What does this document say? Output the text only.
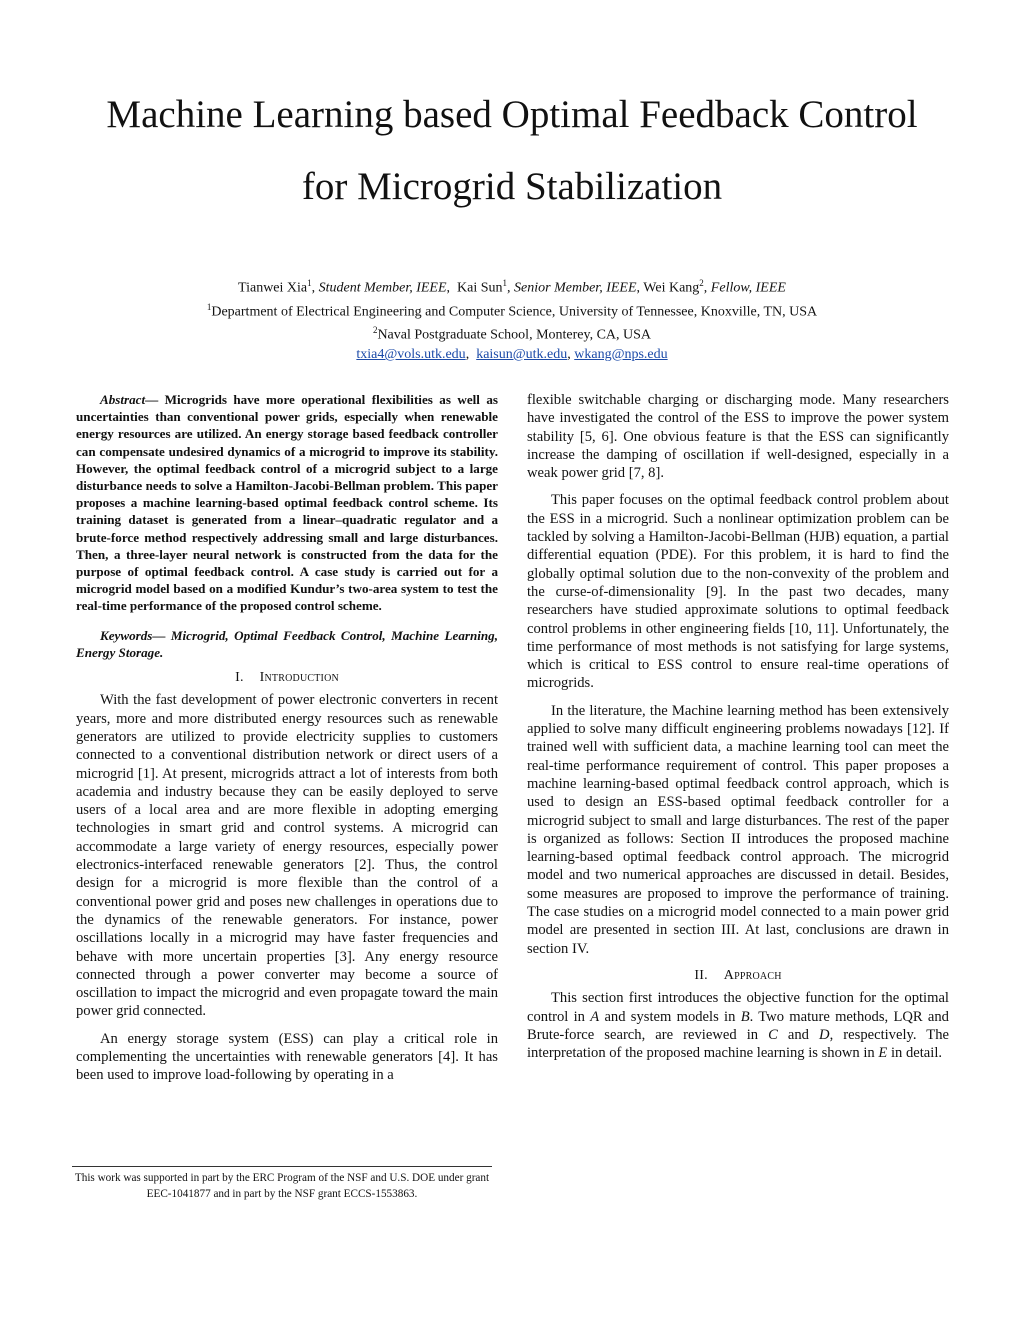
Machine Learning based Optimal Feedback Control
for Microgrid Stabilization
Tianwei Xia$^1$, Student Member, IEEE,  Kai Sun$^1$, Senior Member, IEEE, Wei Kang$^2$, Fellow, IEEE
$^1$Department of Electrical Engineering and Computer Science, University of Tennessee, Knoxville, TN, USA
$^2$Naval Postgraduate School, Monterey, CA, USA
txia4@vols.utk.edu,  kaisun@utk.edu, wkang@nps.edu

Abstract— Microgrids have more operational flexibilities as well as uncertainties than conventional power grids, especially when renewable energy resources are utilized. An energy storage based feedback controller can compensate undesired dynamics of a microgrid to improve its stability. However, the optimal feedback control of a microgrid subject to a large disturbance needs to solve a Hamilton-Jacobi-Bellman problem. This paper proposes a machine learning-based optimal feedback control scheme. Its training dataset is generated from a linear–quadratic regulator and a brute-force method respectively addressing small and large disturbances. Then, a three-layer neural network is constructed from the data for the purpose of optimal feedback control. A case study is carried out for a microgrid model based on a modified Kundur’s two-area system to test the real-time performance of the proposed control scheme.

Keywords— Microgrid, Optimal Feedback Control, Machine Learning, Energy Storage.

I. Introduction

With the fast development of power electronic converters in recent years, more and more distributed energy resources such as renewable generators are utilized to provide electricity supplies to customers connected to a conventional distribution network or direct users of a microgrid [1]. At present, microgrids attract a lot of interests from both academia and industry because they can be easily deployed to serve users of a local area and are more flexible in adopting emerging technologies in smart grid and control systems. A microgrid can accommodate a large variety of energy resources, especially power electronics-interfaced renewable generators [2]. Thus, the control design for a microgrid is more flexible than the control of a conventional power grid and poses new challenges in operations due to the dynamics of the renewable generators. For instance, power oscillations locally in a microgrid may have faster frequencies and behave with more uncertain properties [3]. Any energy resource connected through a power converter may become a source of oscillation to impact the microgrid and even propagate toward the main power grid connected.

An energy storage system (ESS) can play a critical role in complementing the uncertainties with renewable generators [4]. It has been used to improve load-following by operating in a

flexible switchable charging or discharging mode. Many researchers have investigated the control of the ESS to improve the power system stability [5, 6]. One obvious feature is that the ESS can significantly increase the damping of oscillation if well-designed, especially in a weak power grid [7, 8].

This paper focuses on the optimal feedback control problem about the ESS in a microgrid. Such a nonlinear optimization problem can be tackled by solving a Hamilton-Jacobi-Bellman (HJB) equation, a partial differential equation (PDE). For this problem, it is hard to find the globally optimal solution due to the non-convexity of the problem and the curse-of-dimensionality [9]. In the past two decades, many researchers have studied approximate solutions to optimal feedback control problems in other engineering fields [10, 11]. Unfortunately, the time performance of most methods is not satisfying for large systems, which is critical to ESS control to ensure real-time operations of microgrids.

In the literature, the Machine learning method has been extensively applied to solve many difficult engineering problems nowadays [12]. If trained well with sufficient data, a machine learning tool can meet the real-time performance requirement of control. This paper proposes a machine learning-based optimal feedback control approach, which is used to design an ESS-based optimal feedback controller for a microgrid subject to small and large disturbances. The rest of the paper is organized as follows: Section II introduces the proposed machine learning-based optimal feedback control approach. The microgrid model and two numerical approaches are discussed in detail. Besides, some measures are proposed to improve the performance of training. The case studies on a microgrid model connected to a main power grid model are presented in section III. At last, conclusions are drawn in section IV.

II. Approach

This section first introduces the objective function for the optimal control in A and system models in B. Two mature methods, LQR and Brute-force search, are reviewed in C and D, respectively. The interpretation of the proposed machine learning is shown in E in detail.

This work was supported in part by the ERC Program of the NSF and U.S. DOE under grant EEC-1041877 and in part by the NSF grant ECCS-1553863.
